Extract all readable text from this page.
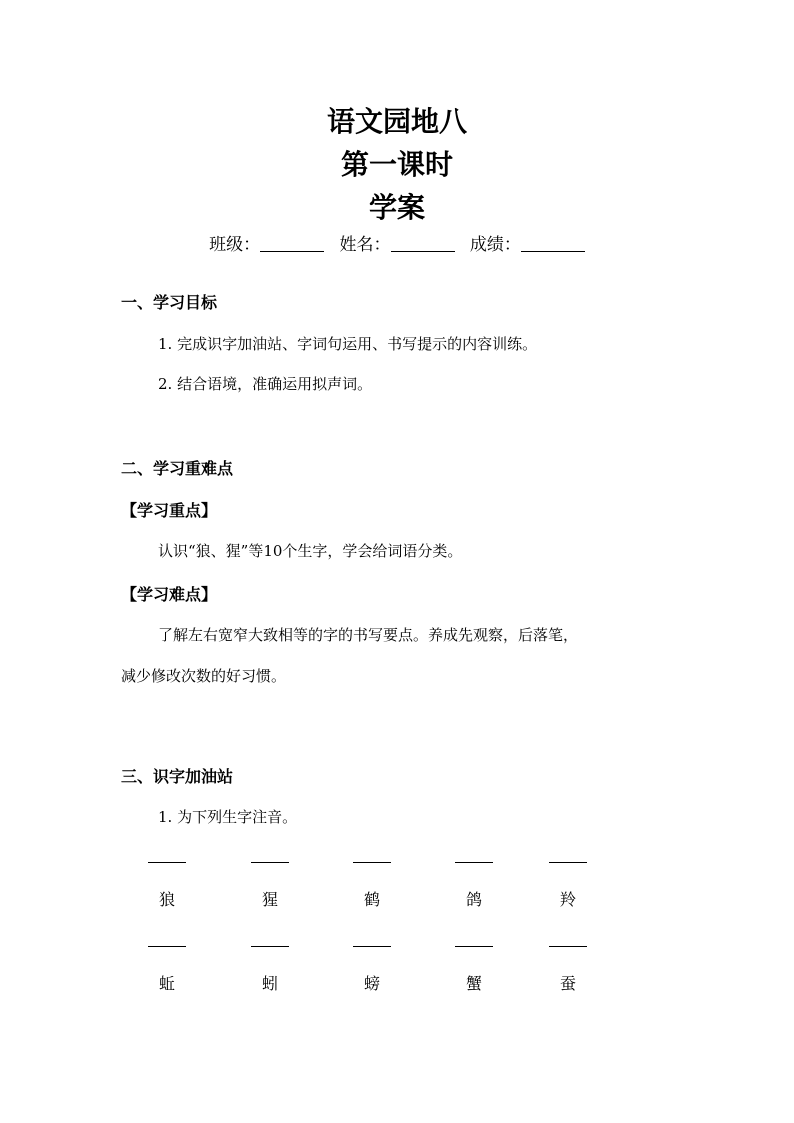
语文园地八
第一课时
学案
班级：	姓名：	成绩：
一、学习目标
1. 完成识字加油站、字词句运用、书写提示的内容训练。
2. 结合语境，准确运用拟声词。
二、学习重难点
【学习重点】
认识“狼、猩”等10个生字，学会给词语分类。
【学习难点】
了解左右宽窄大致相等的字的书写要点。养成先观察，后落笔，
减少修改次数的好习惯。
三、识字加油站
1. 为下列生字注音。
狼	猩	鹤	鸽	羚
蚯	蚓	螃	蟹	蚕
